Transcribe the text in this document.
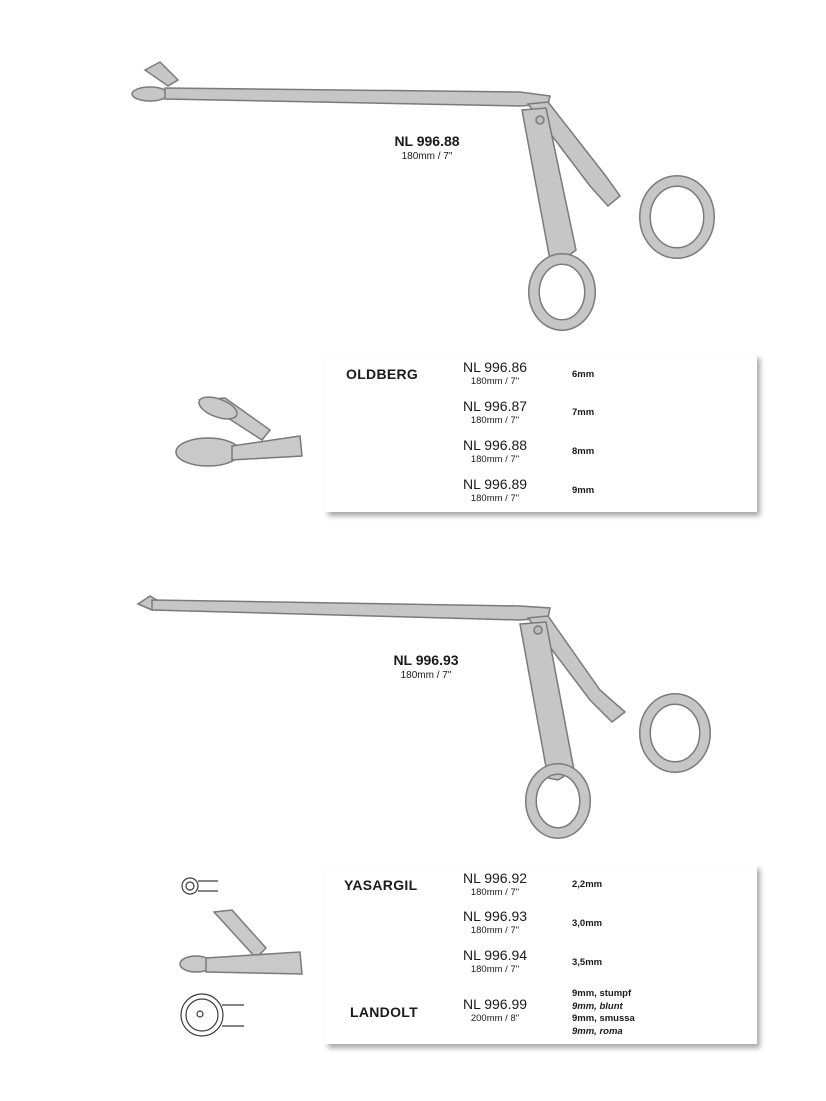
NL 996.88
180mm / 7"
OLDBERG	NL 996.86
180mm / 7"
6mm
NL 996.87
180mm / 7"
7mm
NL 996.88
180mm / 7"
8mm
NL 996.89
180mm / 7"
9mm
NL 996.93
180mm / 7"
YASARGIL
LANDOLT
NL 996.92
180mm / 7"
2,2mm
NL 996.93
180mm / 7"
3,0mm
NL 996.94
180mm / 7"
3,5mm
NL 996.99
200mm / 8"
9mm, stumpf
9mm, blunt
9mm, smussa
9mm, roma
